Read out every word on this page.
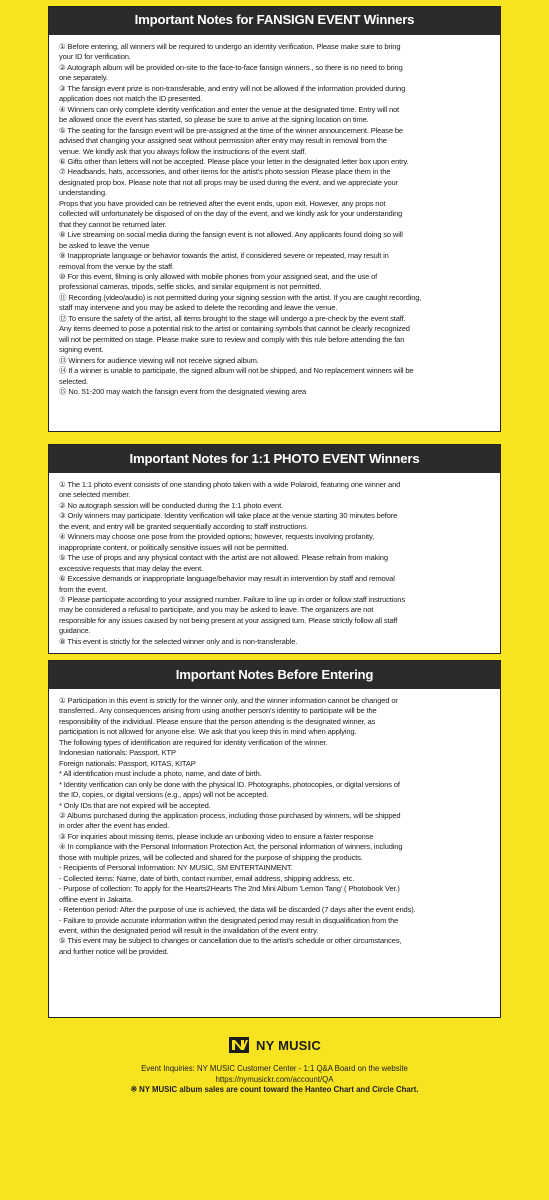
Important Notes for FANSIGN EVENT Winners
① Before entering, all winners will be required to undergo an identity verification. Please make sure to bring
your ID for verification.
② Autograph album will be provided on-site to the face-to-face fansign winners., so there is no need to bring
one separately.
③ The fansign event prize is non-transferable, and entry will not be allowed if the information provided during
application does not match the ID presented.
④ Winners can only complete identity verification and enter the venue at the designated time. Entry will not
be allowed once the event has started, so please be sure to arrive at the signing location on time.
⑤ The seating for the fansign event will be pre-assigned at the time of the winner announcement. Please be
advised that changing your assigned seat without permission after entry may result in removal from the
venue. We kindly ask that you always follow the instructions of the event staff.
⑥ Gifts other than letters will not be accepted. Please place your letter in the designated letter box upon entry.
⑦ Headbands, hats, accessories, and other items for the artist's photo session Please place them in the
designated prop box. Please note that not all props may be used during the event, and we appreciate your
understanding.
Props that you have provided can be retrieved after the event ends, upon exit. However, any props not
collected will unfortunately be disposed of on the day of the event, and we kindly ask for your understanding
that they cannot be returned later.
⑧ Live streaming on social media during the fansign event is not allowed. Any applicants found doing so will
be asked to leave the venue
⑨ Inappropriate language or behavior towards the artist, if considered severe or repeated, may result in
removal from the venue by the staff.
⑩ For this event, filming is only allowed with mobile phones from your assigned seat, and the use of
professional cameras, tripods, selfie sticks, and similar equipment is not permitted.
⑪ Recording (video/audio) is not permitted during your signing session with the artist. If you are caught recording,
staff may intervene and you may be asked to delete the recording and leave the venue.
⑫ To ensure the safety of the artist, all items brought to the stage will undergo a pre-check by the event staff.
Any items deemed to pose a potential risk to the artist or containing symbols that cannot be clearly recognized
will not be permitted on stage. Please make sure to review and comply with this rule before attending the fan
signing event.
⑬ Winners for audience viewing will not receive signed album.
⑭ If a winner is unable to participate, the signed album will not be shipped, and No replacement winners will be
selected.
⑮ No. 51-200 may watch the fansign event from the designated viewing area
Important Notes for 1:1 PHOTO EVENT Winners
① The 1:1 photo event consists of one standing photo taken with a wide Polaroid, featuring one winner and
one selected member.
② No autograph session will be conducted during the 1:1 photo event.
③ Only winners may participate. Identity verification will take place at the venue starting 30 minutes before
the event, and entry will be granted sequentially according to staff instructions.
④ Winners may choose one pose from the provided options; however, requests involving profanity,
inappropriate content, or politically sensitive issues will not be permitted.
⑤ The use of props and any physical contact with the artist are not allowed. Please refrain from making
excessive requests that may delay the event.
⑥ Excessive demands or inappropriate language/behavior may result in intervention by staff and removal
from the event.
⑦ Please participate according to your assigned number. Failure to line up in order or follow staff instructions
may be considered a refusal to participate, and you may be asked to leave. The organizers are not
responsible for any issues caused by not being present at your assigned turn. Please strictly follow all staff
guidance.
⑧ This event is strictly for the selected winner only and is non-transferable.
Important Notes Before Entering
① Participation in this event is strictly for the winner only, and the winner information cannot be changed or
transferred.. Any consequences arising from using another person's identity to participate will be the
responsibility of the individual. Please ensure that the person attending is the designated winner, as
participation is not allowed for anyone else. We ask that you keep this in mind when applying.
The following types of identification are required for identity verification of the winner.
Indonesian nationals: Passport, KTP
Foreign nationals: Passport, KITAS, KITAP
* All identification must include a photo, name, and date of birth.
* Identity verification can only be done with the physical ID. Photographs, photocopies, or digital versions of
the ID, copies, or digital versions (e.g., apps) will not be accepted.
* Only IDs that are not expired will be accepted.
② Albums purchased during the application process, including those purchased by winners, will be shipped
in order after the event has ended.
③ For inquiries about missing items, please include an unboxing video to ensure a faster response
④ In compliance with the Personal Information Protection Act, the personal information of winners, including
those with multiple prizes, will be collected and shared for the purpose of shipping the products.
- Recipients of Personal Information: NY MUSIC, SM ENTERTAINMENT.
- Collected items: Name, date of birth, contact number, email address, shipping address, etc.
- Purpose of collection: To apply for the Hearts2Hearts The 2nd Mini Album 'Lemon Tang' ( Photobook Ver.)
offline event in Jakarta.
- Retention period: After the purpose of use is achieved, the data will be discarded (7 days after the event ends).
- Failure to provide accurate information within the designated period may result in disqualification from the
event, within the designated period will result in the invalidation of the event entry.
⑤ This event may be subject to changes or cancellation due to the artist's schedule or other circumstances,
and further notice will be provided.
NY MUSIC
Event Inquiries: NY MUSIC Customer Center - 1:1 Q&A Board on the website
https://nymusickr.com/account/QA
※ NY MUSIC album sales are count toward the Hanteo Chart and Circle Chart.
